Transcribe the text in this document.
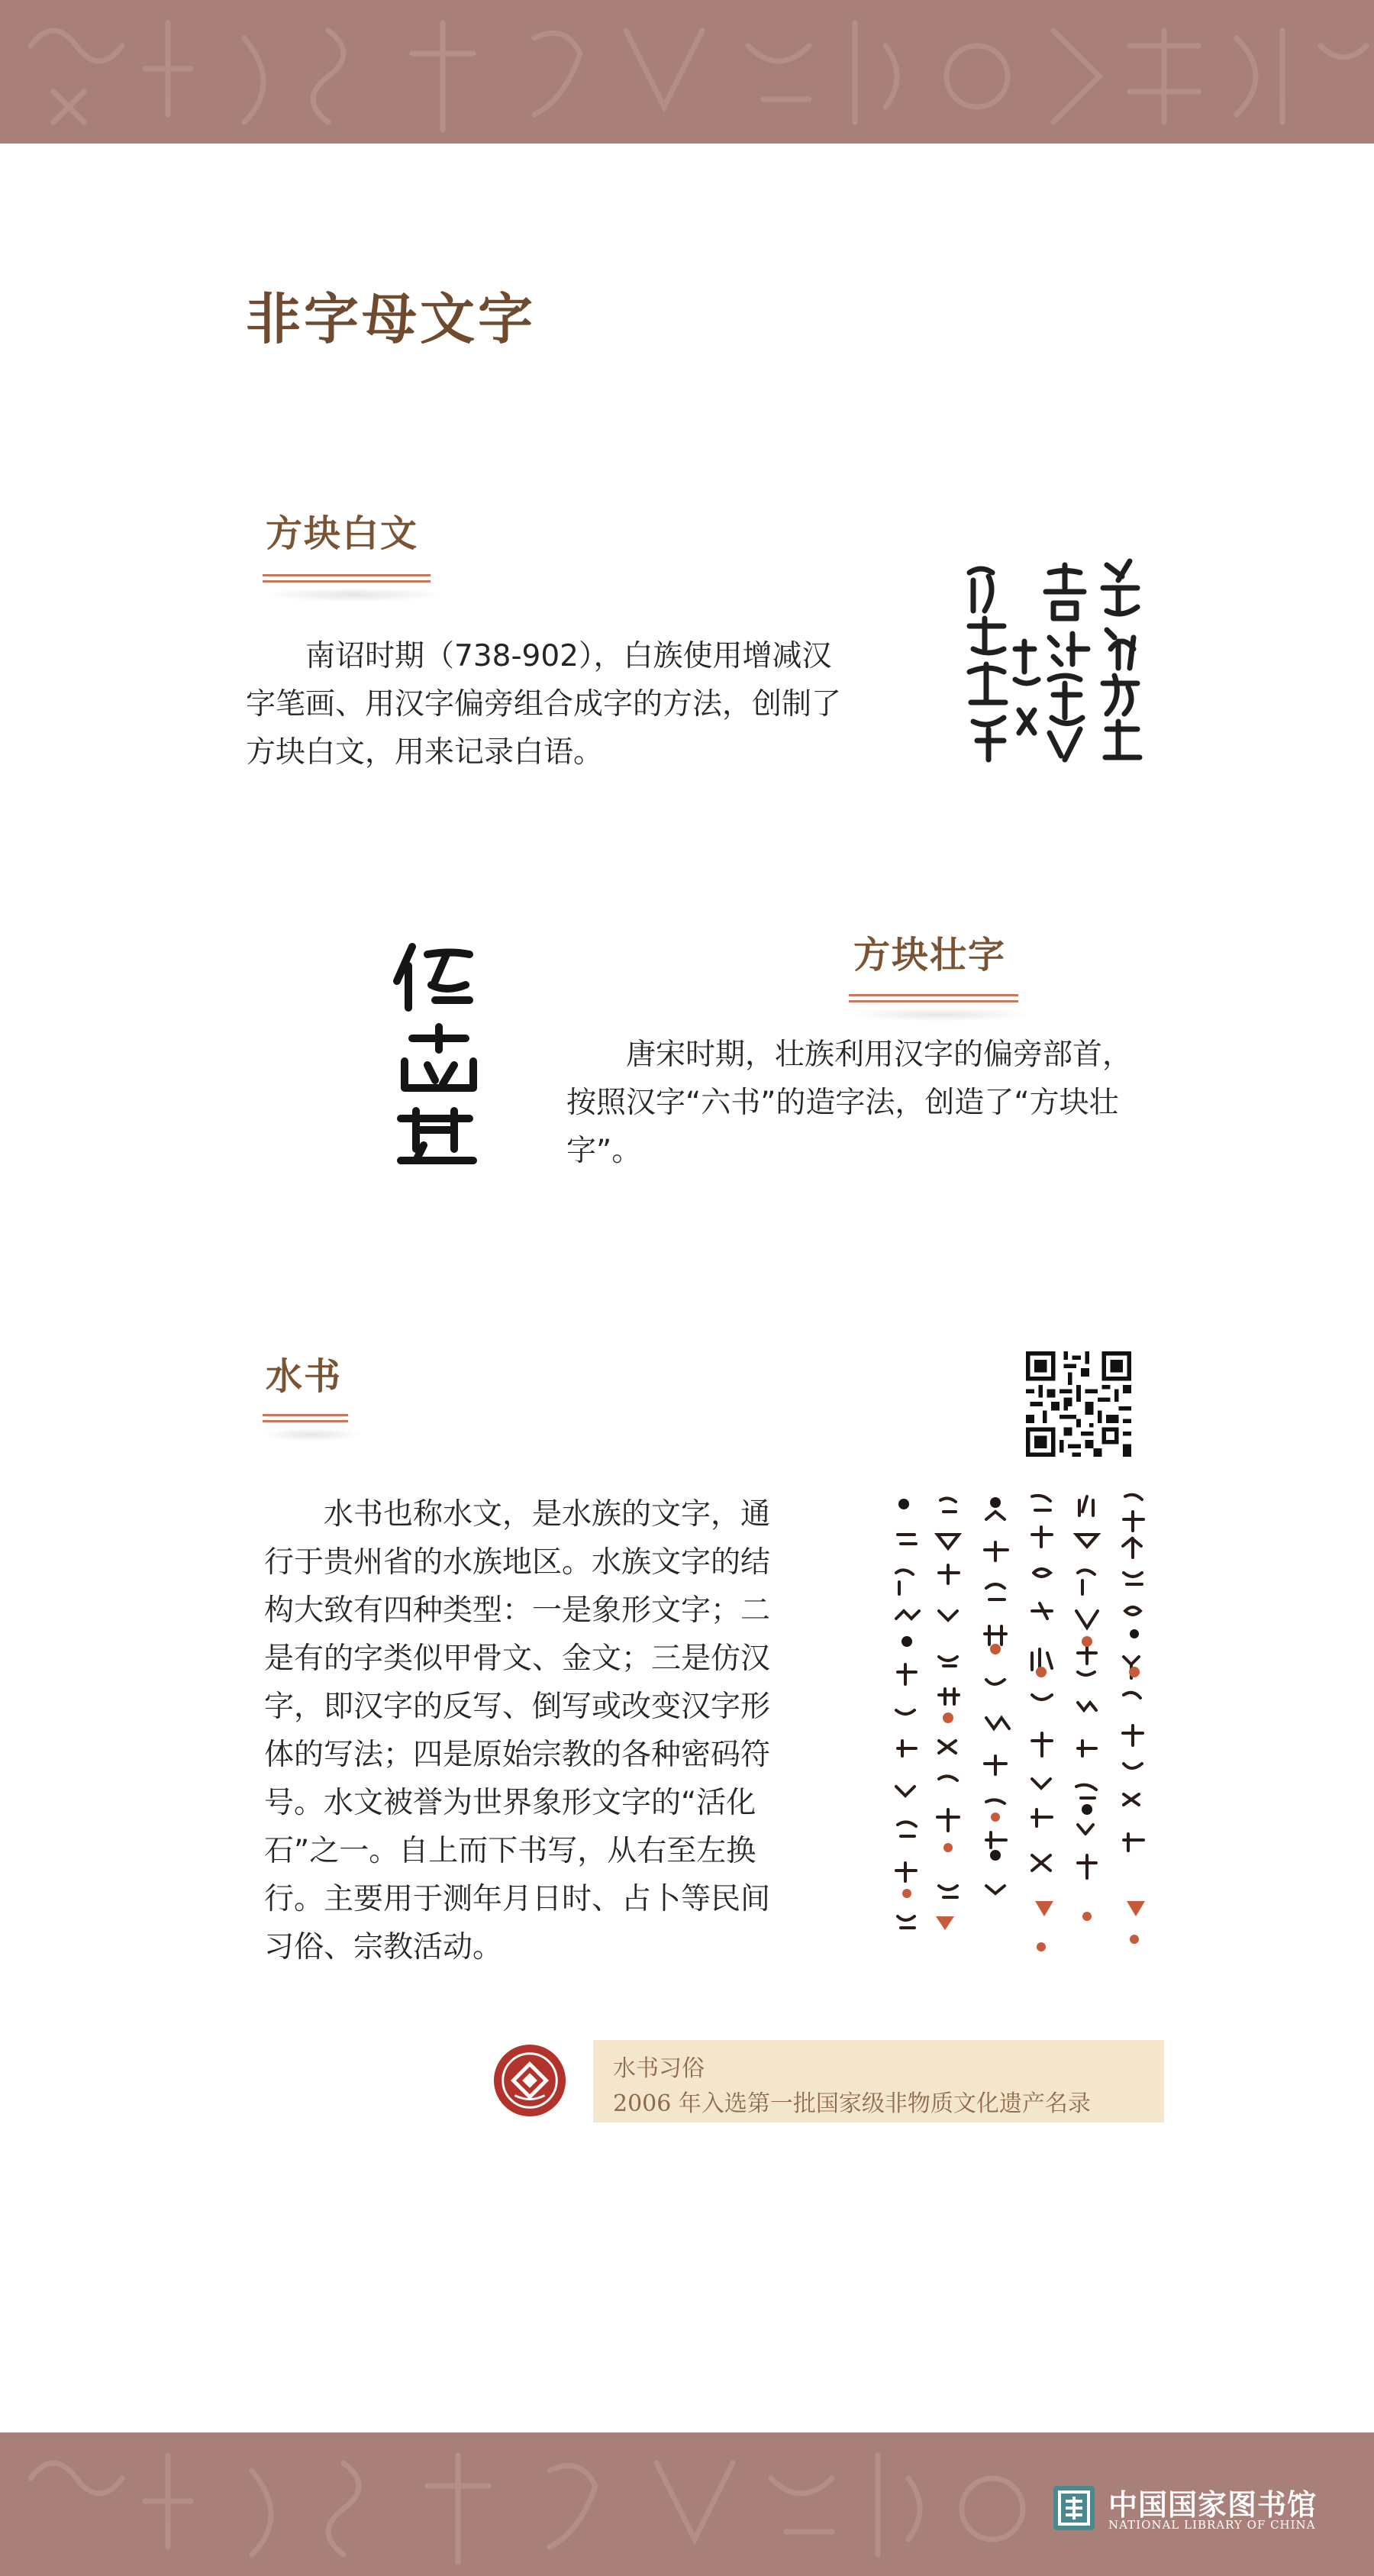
非字母文字
方块白文

南诏时期（738-902），白族使用增减汉字笔画、用汉字偏旁组合成字的方法，创制了方块白文，用来记录白语。

方块壮字

唐宋时期，壮族利用汉字的偏旁部首，按照汉字“六书”的造字法，创造了“方块壮字”。

水书

水书也称水文，是水族的文字，通行于贵州省的水族地区。水族文字的结构大致有四种类型：一是象形文字；二是有的字类似甲骨文、金文；三是仿汉字，即汉字的反写、倒写或改变汉字形体的写法；四是原始宗教的各种密码符号。水文被誉为世界象形文字的“活化石”之一。自上而下书写，从右至左换行。主要用于测年月日时、占卜等民间习俗、宗教活动。

水书习俗
2006 年入选第一批国家级非物质文化遗产名录
中国国家图书馆
NATIONAL LIBRARY OF CHINA
